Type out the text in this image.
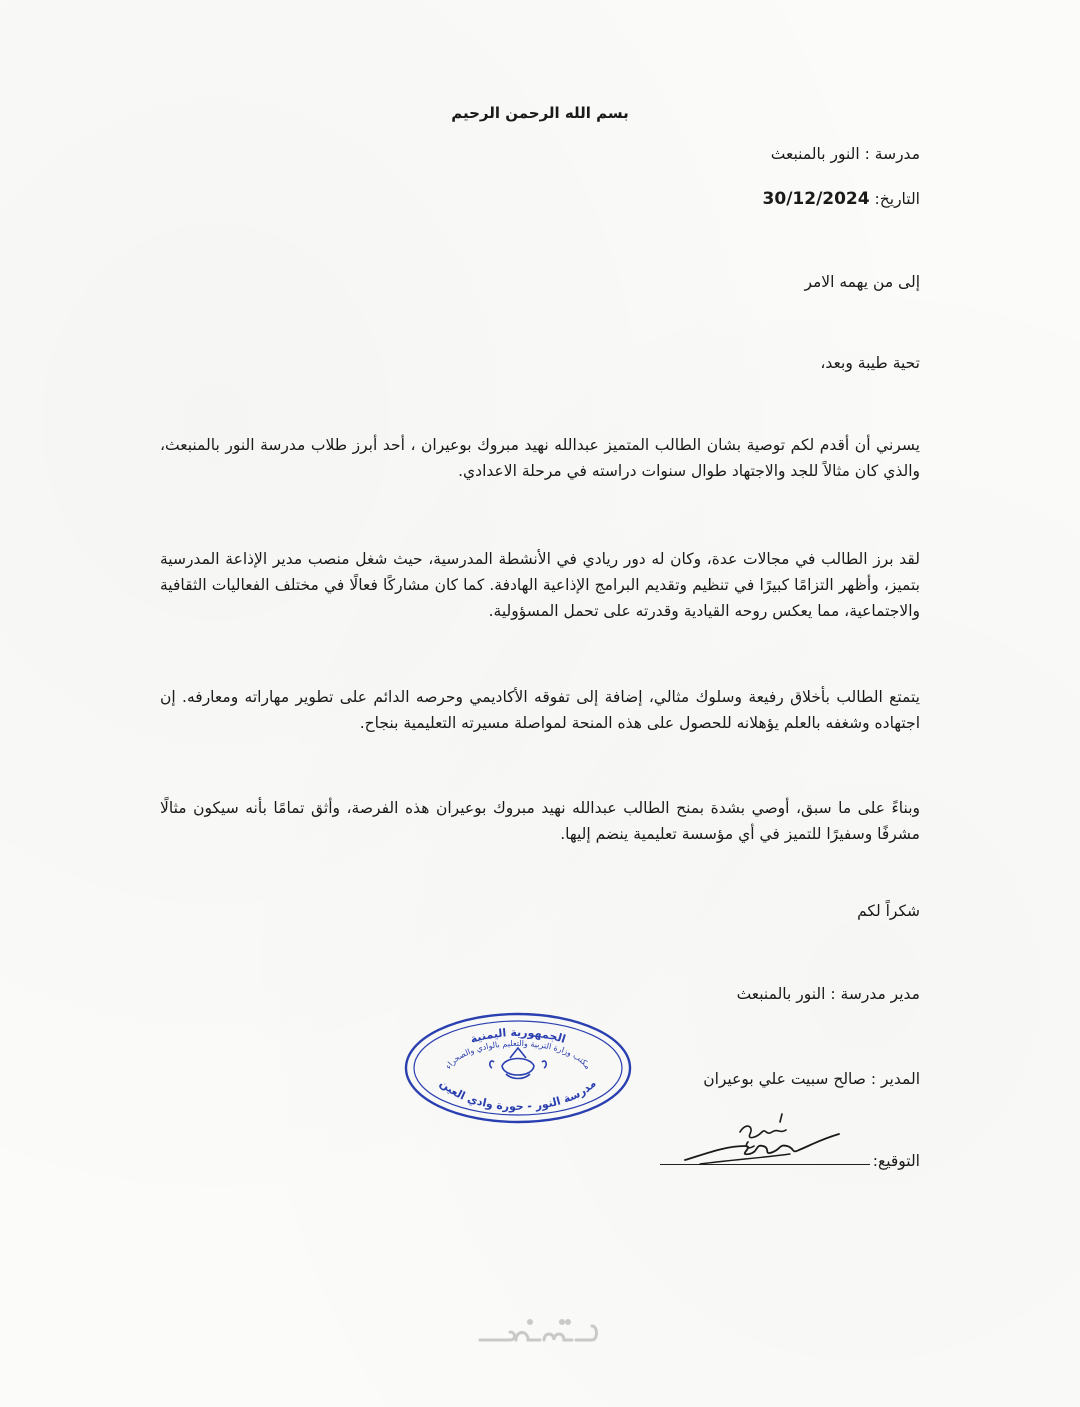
بسم الله الرحمن الرحيم
مدرسة : النور بالمنبعث
التاريخ: 30/12/2024
إلى من يهمه الامر
تحية طيبة وبعد،
يسرني أن أقدم لكم توصية بشان الطالب المتميز عبدالله نهيد مبروك بوعيران ، أحد أبرز طلاب مدرسة النور بالمنبعث، والذي كان مثالاً للجد والاجتهاد طوال سنوات دراسته في مرحلة الاعدادي.
لقد برز الطالب في مجالات عدة، وكان له دور ريادي في الأنشطة المدرسية، حيث شغل منصب مدير الإذاعة المدرسية بتميز، وأظهر التزامًا كبيرًا في تنظيم وتقديم البرامج الإذاعية الهادفة. كما كان مشاركًا فعالًا في مختلف الفعاليات الثقافية والاجتماعية، مما يعكس روحه القيادية وقدرته على تحمل المسؤولية.
يتمتع الطالب بأخلاق رفيعة وسلوك مثالي، إضافة إلى تفوقه الأكاديمي وحرصه الدائم على تطوير مهاراته ومعارفه. إن اجتهاده وشغفه بالعلم يؤهلانه للحصول على هذه المنحة لمواصلة مسيرته التعليمية بنجاح.
وبناءً على ما سبق، أوصي بشدة بمنح الطالب عبدالله نهيد مبروك بوعيران هذه الفرصة، وأثق تمامًا بأنه سيكون مثالًا مشرفًا وسفيرًا للتميز في أي مؤسسة تعليمية ينضم إليها.
شكراً لكم
مدير مدرسة : النور بالمنبعث
المدير : صالح سبيت علي بوعيران
التوقيع:
الجمهورية اليمنية
مكتب وزارة التربية والتعليم بالوادي والصحراء
مدرسة النور - حورة وادي العين
